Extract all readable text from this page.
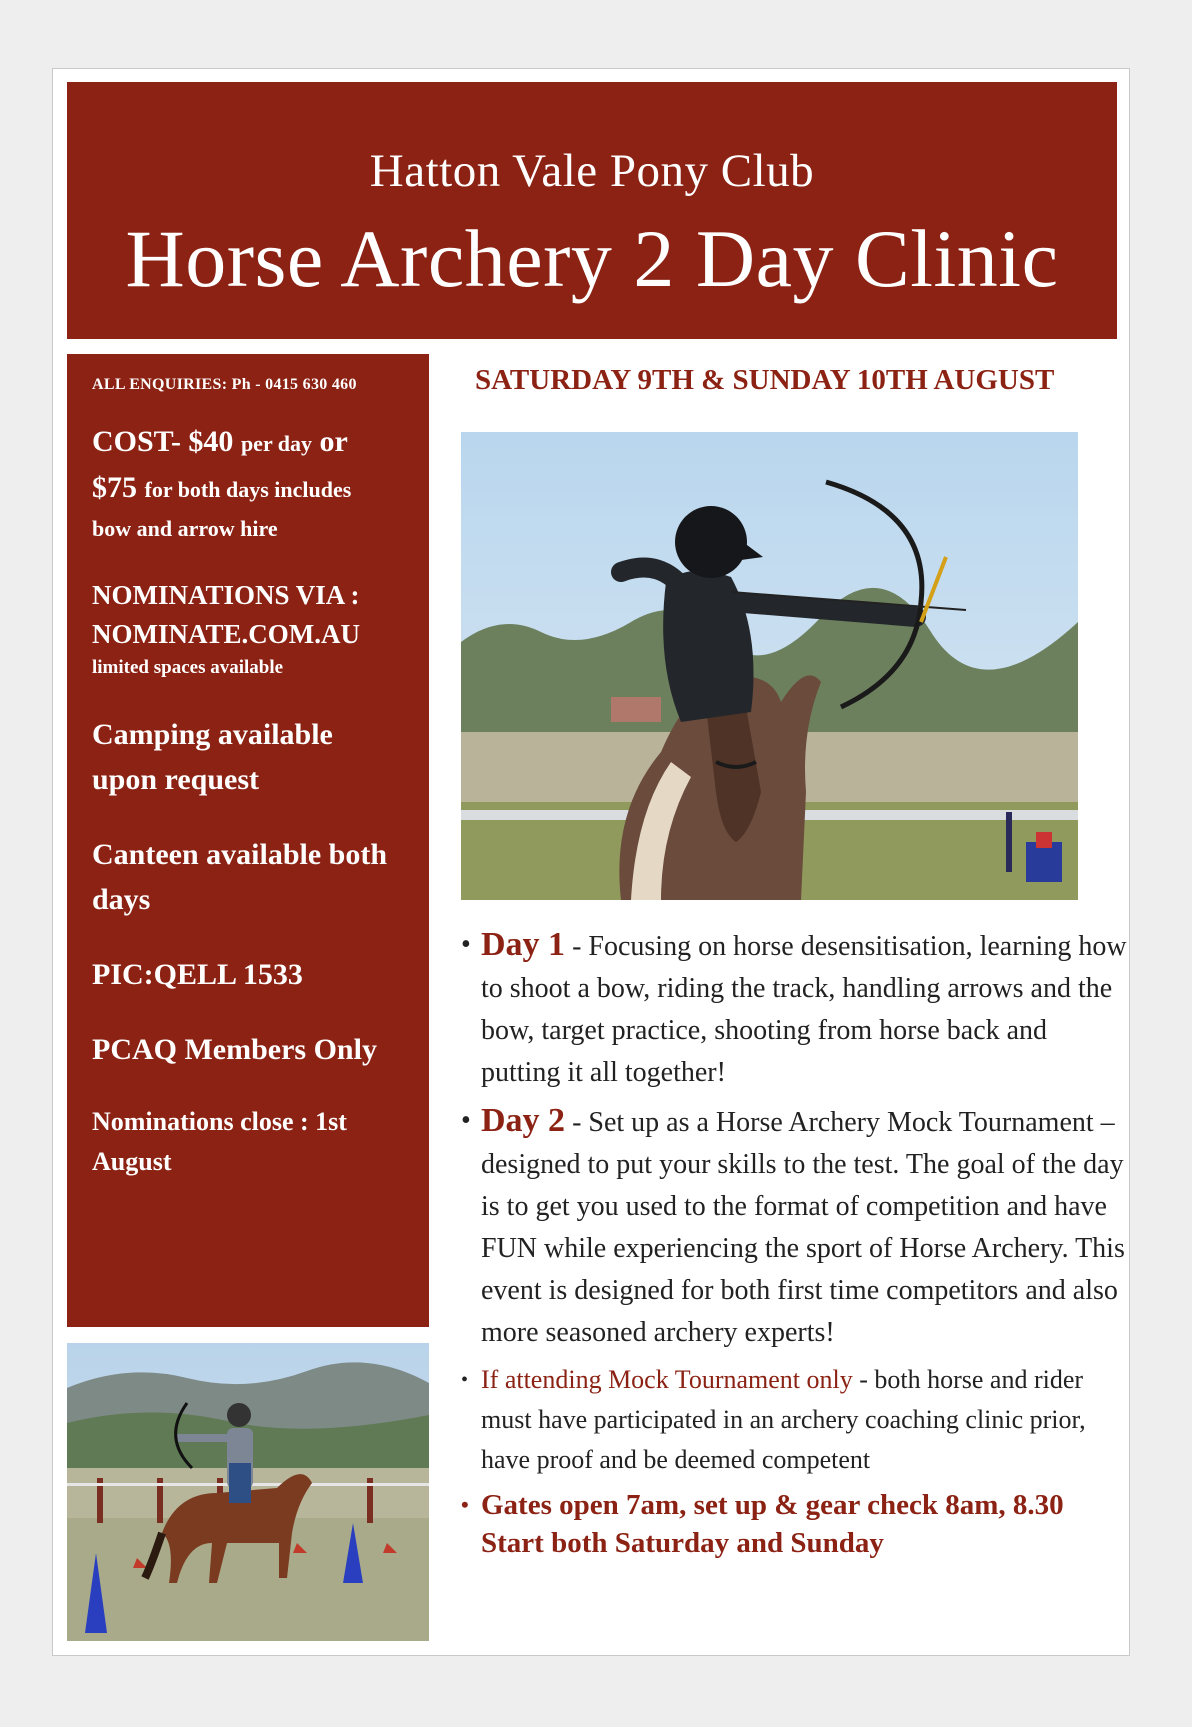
Hatton Vale Pony Club
Horse Archery 2 Day Clinic
ALL ENQUIRIES: Ph - 0415 630 460
COST- $40 per day or
$75 for both days includes
bow and arrow hire
NOMINATIONS VIA :
NOMINATE.COM.AU
limited spaces available
Camping available upon request
Canteen available both days
PIC:QELL 1533
PCAQ Members Only
Nominations close : 1st August
SATURDAY 9TH & SUNDAY 10TH AUGUST
• Day 1 - Focusing on horse desensitisation, learning how to shoot a bow, riding the track, handling arrows and the bow, target practice, shooting from horse back and putting it all together!
• Day 2 - Set up as a Horse Archery Mock Tournament – designed to put your skills to the test. The goal of the day is to get you used to the format of competition and have FUN while experiencing the sport of Horse Archery. This event is designed for both first time competitors and also more seasoned archery experts!
• If attending Mock Tournament only - both horse and rider must have participated in an archery coaching clinic prior, have proof and be deemed competent
• Gates open 7am, set up & gear check 8am, 8.30 Start both Saturday and Sunday
